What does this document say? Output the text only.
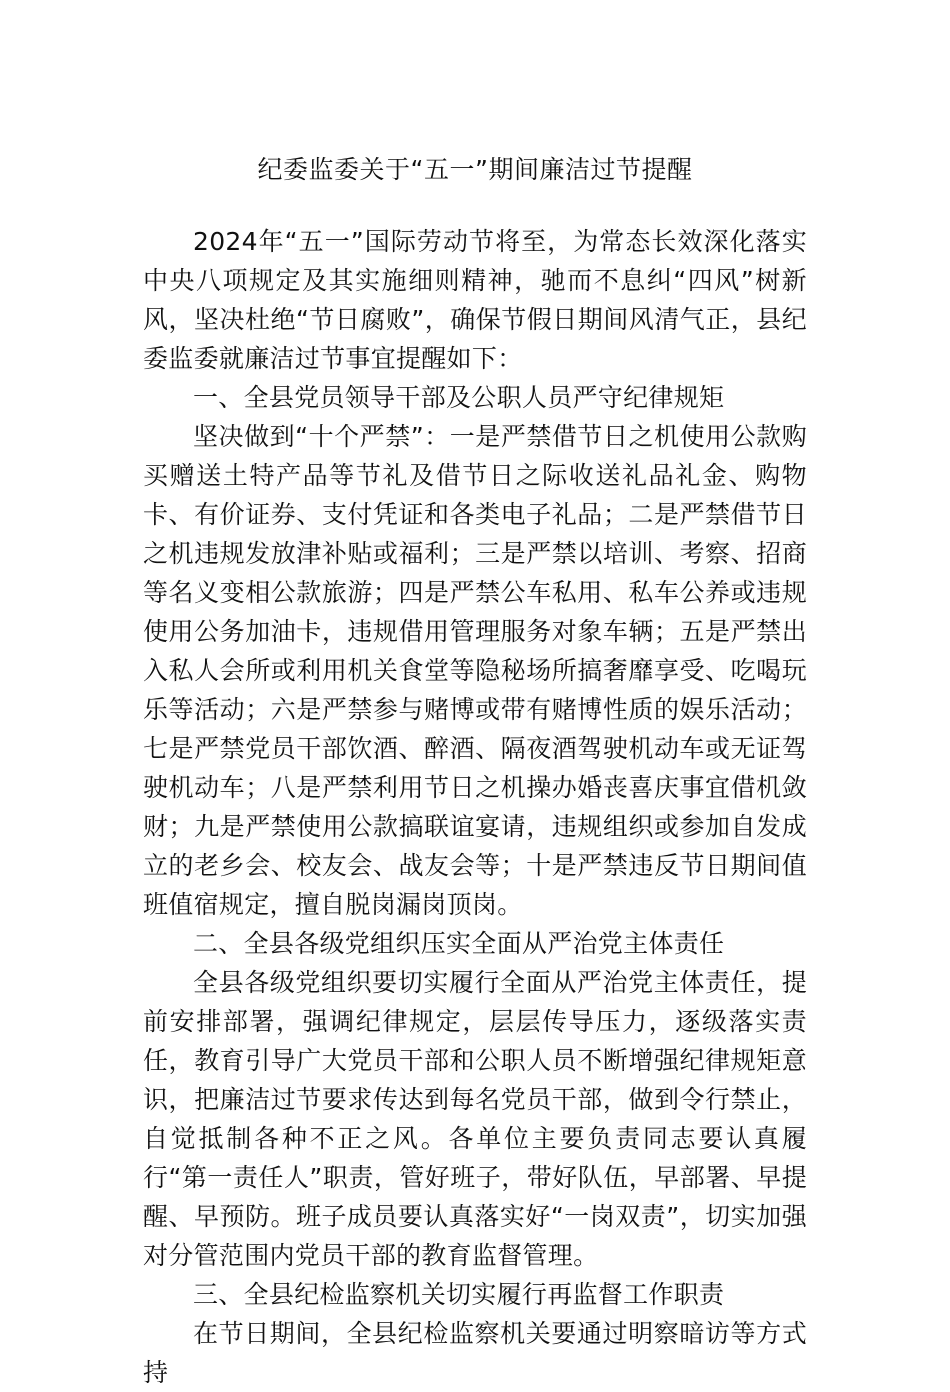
纪委监委关于“五一”期间廉洁过节提醒

2024年“五一”国际劳动节将至，为常态长效深化落实中央八项规定及其实施细则精神，驰而不息纠“四风”树新风，坚决杜绝“节日腐败”，确保节假日期间风清气正，县纪委监委就廉洁过节事宜提醒如下：

一、全县党员领导干部及公职人员严守纪律规矩

坚决做到“十个严禁”：一是严禁借节日之机使用公款购买赠送土特产品等节礼及借节日之际收送礼品礼金、购物卡、有价证券、支付凭证和各类电子礼品；二是严禁借节日之机违规发放津补贴或福利；三是严禁以培训、考察、招商等名义变相公款旅游；四是严禁公车私用、私车公养或违规使用公务加油卡，违规借用管理服务对象车辆；五是严禁出入私人会所或利用机关食堂等隐秘场所搞奢靡享受、吃喝玩乐等活动；六是严禁参与赌博或带有赌博性质的娱乐活动；七是严禁党员干部饮酒、醉酒、隔夜酒驾驶机动车或无证驾驶机动车；八是严禁利用节日之机操办婚丧喜庆事宜借机敛财；九是严禁使用公款搞联谊宴请，违规组织或参加自发成立的老乡会、校友会、战友会等；十是严禁违反节日期间值班值宿规定，擅自脱岗漏岗顶岗。

二、全县各级党组织压实全面从严治党主体责任

全县各级党组织要切实履行全面从严治党主体责任，提前安排部署，强调纪律规定，层层传导压力，逐级落实责任，教育引导广大党员干部和公职人员不断增强纪律规矩意识，把廉洁过节要求传达到每名党员干部，做到令行禁止，自觉抵制各种不正之风。各单位主要负责同志要认真履行“第一责任人”职责，管好班子，带好队伍，早部署、早提醒、早预防。班子成员要认真落实好“一岗双责”，切实加强对分管范围内党员干部的教育监督管理。

三、全县纪检监察机关切实履行再监督工作职责

在节日期间，全县纪检监察机关要通过明察暗访等方式持
